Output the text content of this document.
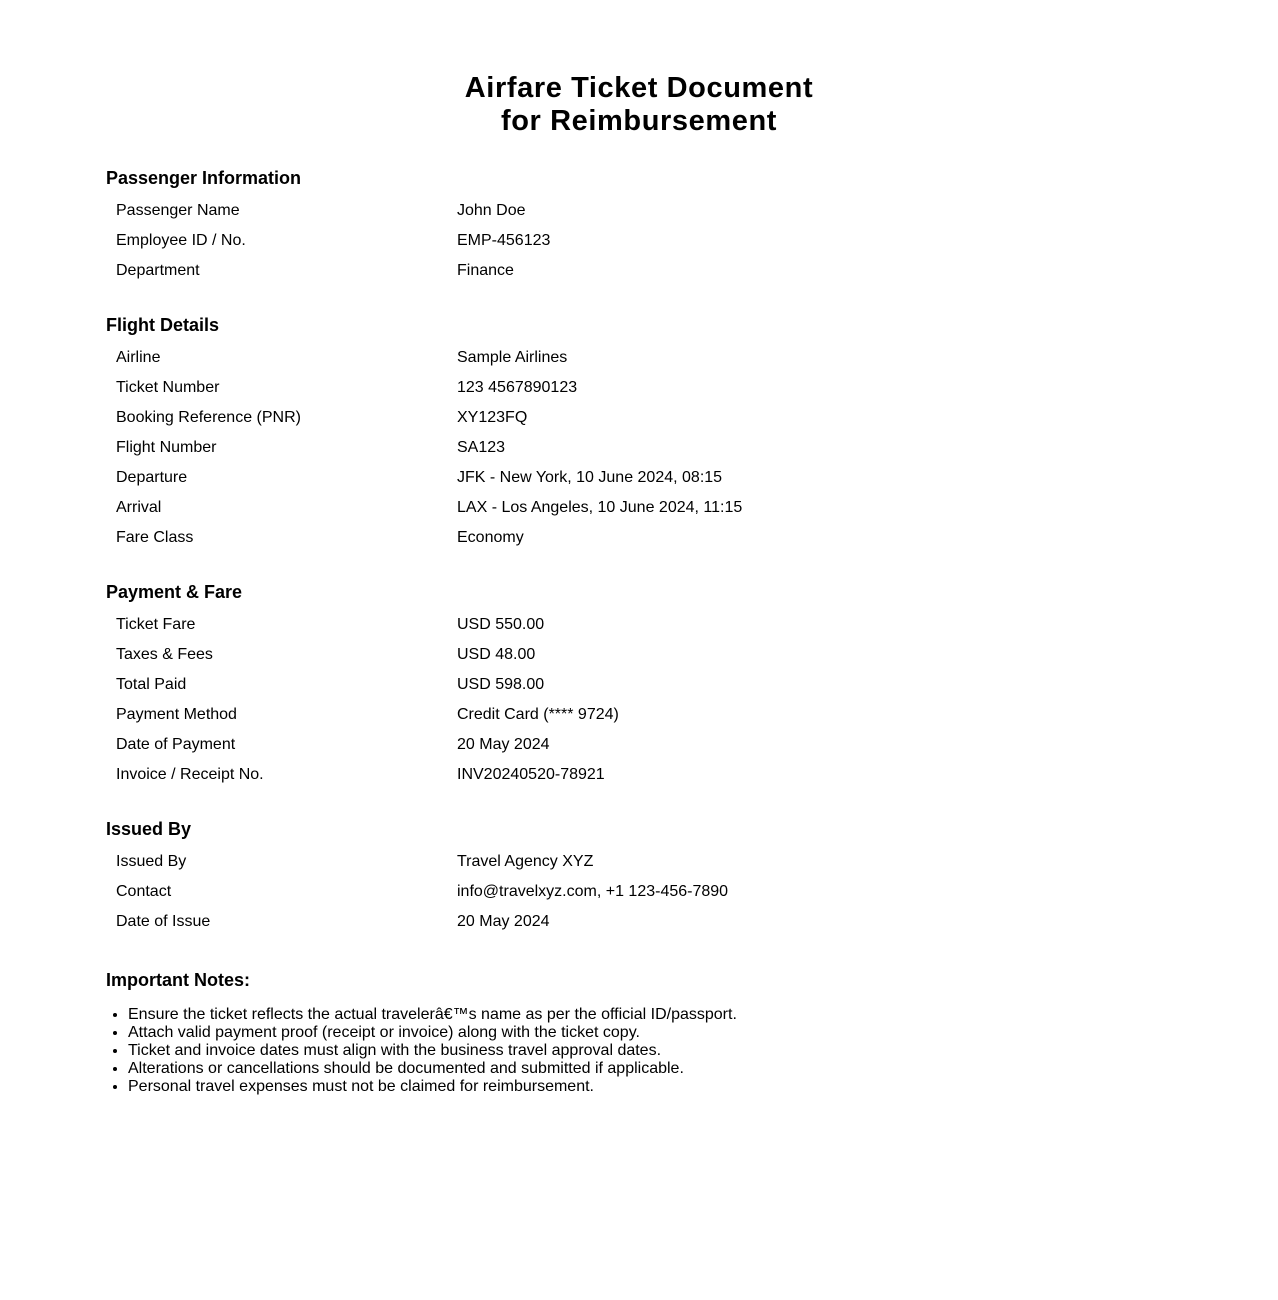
Airfare Ticket Document
for Reimbursement
Passenger Information
Passenger Name	John Doe
Employee ID / No.	EMP-456123
Department	Finance
Flight Details
Airline	Sample Airlines
Ticket Number	123 4567890123
Booking Reference (PNR)	XY123FQ
Flight Number	SA123
Departure	JFK - New York, 10 June 2024, 08:15
Arrival	LAX - Los Angeles, 10 June 2024, 11:15
Fare Class	Economy
Payment & Fare
Ticket Fare	USD 550.00
Taxes & Fees	USD 48.00
Total Paid	USD 598.00
Payment Method	Credit Card (**** 9724)
Date of Payment	20 May 2024
Invoice / Receipt No.	INV20240520-78921
Issued By
Issued By	Travel Agency XYZ
Contact	info@travelxyz.com, +1 123-456-7890
Date of Issue	20 May 2024
Important Notes:
• Ensure the ticket reflects the actual travelerâ€™s name as per the official ID/passport.
• Attach valid payment proof (receipt or invoice) along with the ticket copy.
• Ticket and invoice dates must align with the business travel approval dates.
• Alterations or cancellations should be documented and submitted if applicable.
• Personal travel expenses must not be claimed for reimbursement.
